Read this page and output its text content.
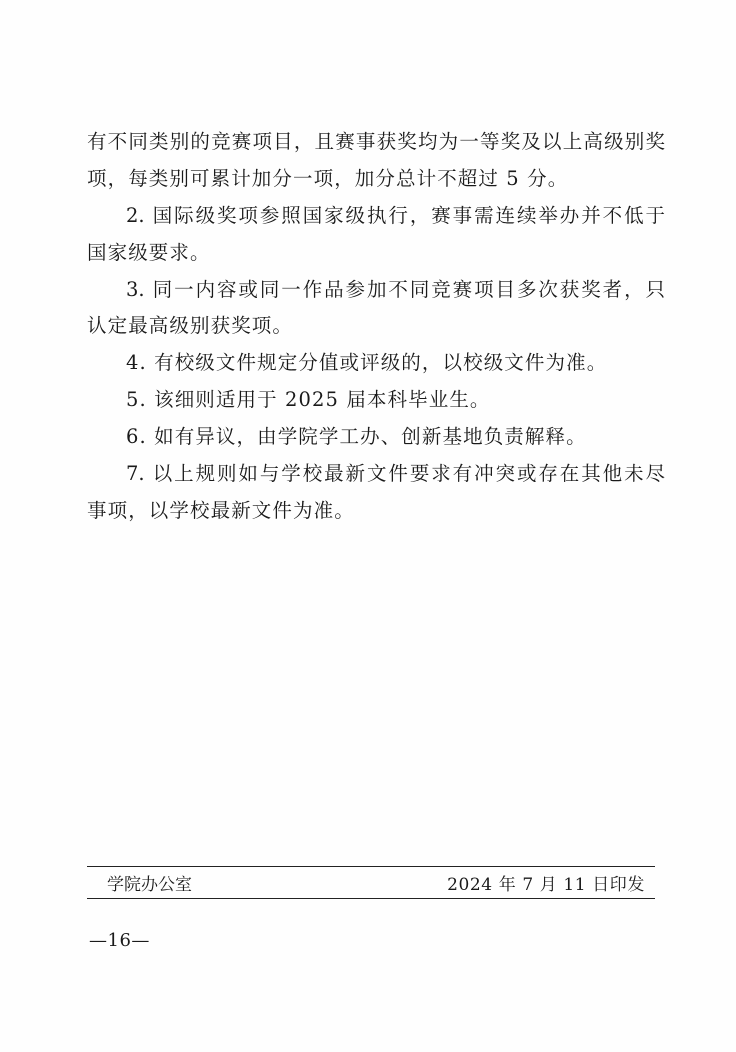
有不同类别的竞赛项目，且赛事获奖均为一等奖及以上高级别奖
项，每类别可累计加分一项，加分总计不超过 5 分。
2. 国际级奖项参照国家级执行，赛事需连续举办并不低于
国家级要求。
3. 同一内容或同一作品参加不同竞赛项目多次获奖者，只
认定最高级别获奖项。
4. 有校级文件规定分值或评级的，以校级文件为准。
5. 该细则适用于 2025 届本科毕业生。
6. 如有异议，由学院学工办、创新基地负责解释。
7. 以上规则如与学校最新文件要求有冲突或存在其他未尽
事项，以学校最新文件为准。
学院办公室	2024 年 7 月 11 日印发
—16—
